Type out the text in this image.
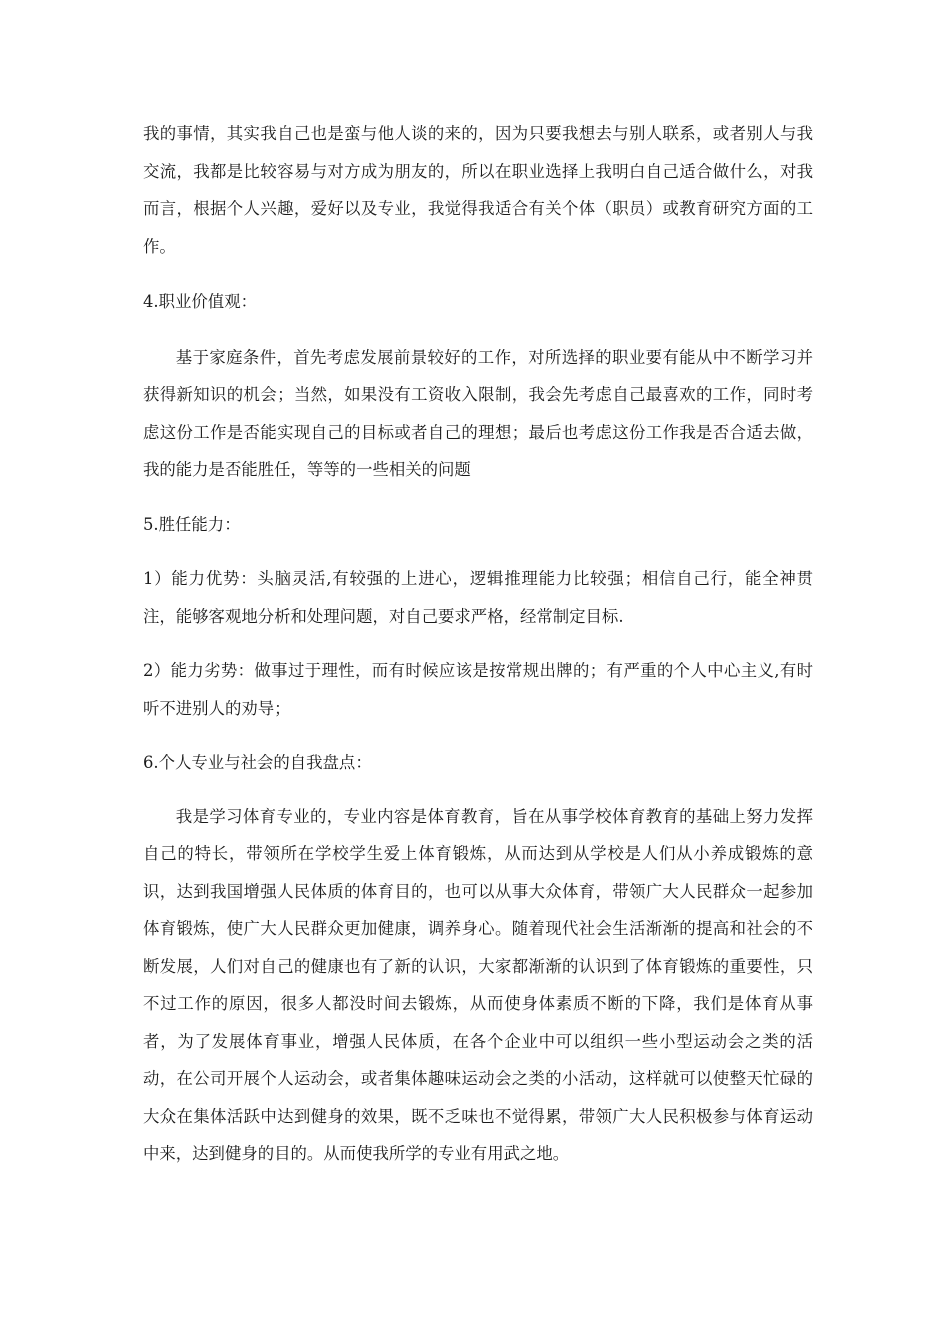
我的事情，其实我自己也是蛮与他人谈的来的，因为只要我想去与别人联系，或者别人与我交流，我都是比较容易与对方成为朋友的，所以在职业选择上我明白自己适合做什么，对我而言，根据个人兴趣，爱好以及专业，我觉得我适合有关个体（职员）或教育研究方面的工作。

4.职业价值观：

基于家庭条件，首先考虑发展前景较好的工作，对所选择的职业要有能从中不断学习并获得新知识的机会；当然，如果没有工资收入限制，我会先考虑自己最喜欢的工作，同时考虑这份工作是否能实现自己的目标或者自己的理想；最后也考虑这份工作我是否合适去做，我的能力是否能胜任，等等的一些相关的问题

5.胜任能力：

1）能力优势：头脑灵活,有较强的上进心，逻辑推理能力比较强；相信自己行，能全神贯注，能够客观地分析和处理问题，对自己要求严格，经常制定目标.

2）能力劣势：做事过于理性，而有时候应该是按常规出牌的；有严重的个人中心主义,有时听不进别人的劝导；

6.个人专业与社会的自我盘点：

我是学习体育专业的，专业内容是体育教育，旨在从事学校体育教育的基础上努力发挥自己的特长，带领所在学校学生爱上体育锻炼，从而达到从学校是人们从小养成锻炼的意识，达到我国增强人民体质的体育目的，也可以从事大众体育，带领广大人民群众一起参加体育锻炼，使广大人民群众更加健康，调养身心。随着现代社会生活渐渐的提高和社会的不断发展，人们对自己的健康也有了新的认识，大家都渐渐的认识到了体育锻炼的重要性，只不过工作的原因，很多人都没时间去锻炼，从而使身体素质不断的下降，我们是体育从事者，为了发展体育事业，增强人民体质，在各个企业中可以组织一些小型运动会之类的活动，在公司开展个人运动会，或者集体趣味运动会之类的小活动，这样就可以使整天忙碌的大众在集体活跃中达到健身的效果，既不乏味也不觉得累，带领广大人民积极参与体育运动中来，达到健身的目的。从而使我所学的专业有用武之地。
